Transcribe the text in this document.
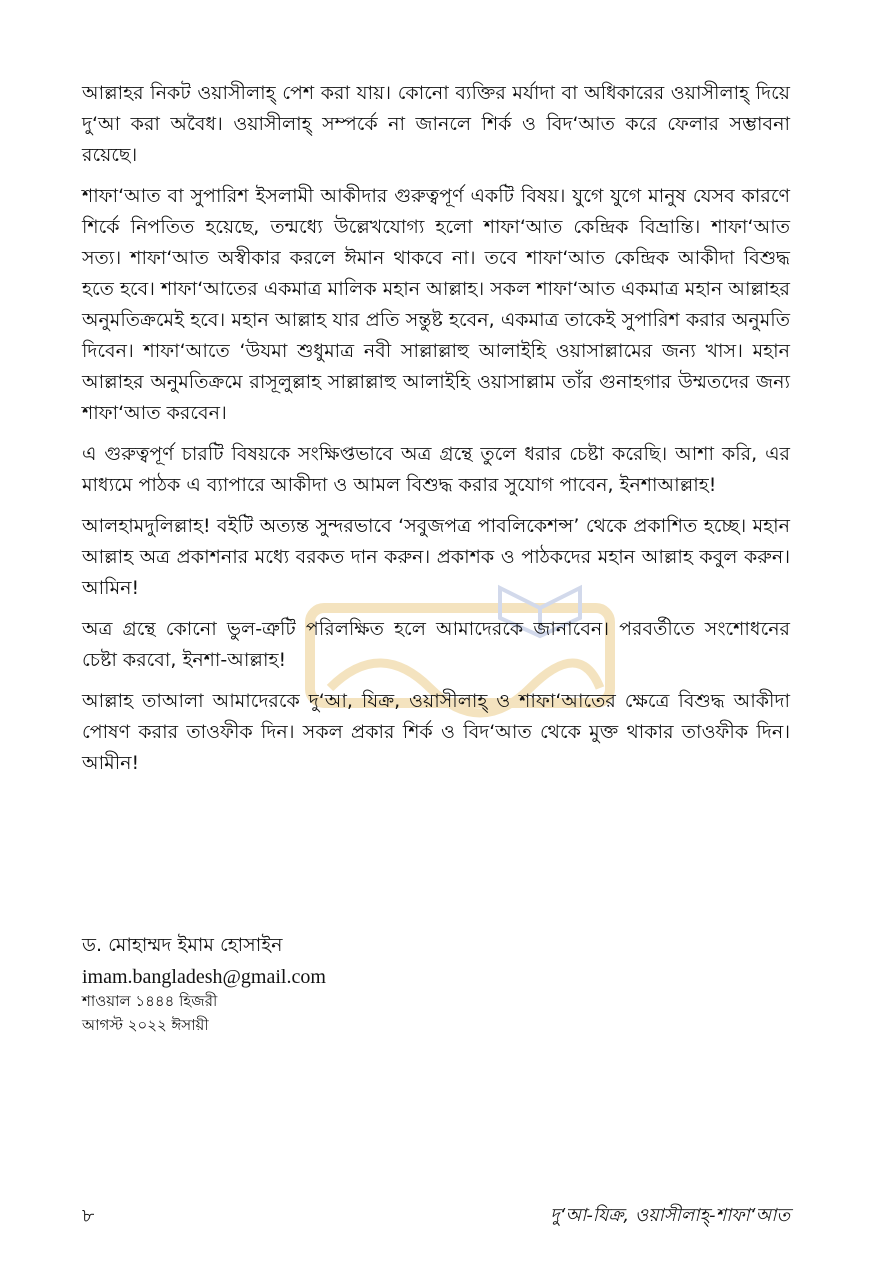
আল্লাহর নিকট ওয়াসীলাহ্ পেশ করা যায়। কোনো ব্যক্তির মর্যাদা বা অধিকারের ওয়াসীলাহ্ দিয়ে দু‘আ করা অবৈধ। ওয়াসীলাহ্ সম্পর্কে না জানলে শির্ক ও বিদ‘আত করে ফেলার সম্ভাবনা রয়েছে।

শাফা‘আত বা সুপারিশ ইসলামী আকীদার গুরুত্বপূর্ণ একটি বিষয়। যুগে যুগে মানুষ যেসব কারণে শির্কে নিপতিত হয়েছে, তন্মধ্যে উল্লেখযোগ্য হলো শাফা‘আত কেন্দ্রিক বিভ্রান্তি। শাফা‘আত সত্য। শাফা‘আত অস্বীকার করলে ঈমান থাকবে না। তবে শাফা‘আত কেন্দ্রিক আকীদা বিশুদ্ধ হতে হবে। শাফা‘আতের একমাত্র মালিক মহান আল্লাহ। সকল শাফা‘আত একমাত্র মহান আল্লাহর অনুমতিক্রমেই হবে। মহান আল্লাহ যার প্রতি সন্তুষ্ট হবেন, একমাত্র তাকেই সুপারিশ করার অনুমতি দিবেন। শাফা‘আতে ‘উযমা শুধুমাত্র নবী সাল্লাল্লাহু আলাইহি ওয়াসাল্লামের জন্য খাস। মহান আল্লাহর অনুমতিক্রমে রাসূলুল্লাহ সাল্লাল্লাহু আলাইহি ওয়াসাল্লাম তাঁর গুনাহগার উম্মতদের জন্য শাফা‘আত করবেন।

এ গুরুত্বপূর্ণ চারটি বিষয়কে সংক্ষিপ্তভাবে অত্র গ্রন্থে তুলে ধরার চেষ্টা করেছি। আশা করি, এর মাধ্যমে পাঠক এ ব্যাপারে আকীদা ও আমল বিশুদ্ধ করার সুযোগ পাবেন, ইনশাআল্লাহ!

আলহামদুলিল্লাহ! বইটি অত্যন্ত সুন্দরভাবে ‘সবুজপত্র পাবলিকেশন্স’ থেকে প্রকাশিত হচ্ছে। মহান আল্লাহ অত্র প্রকাশনার মধ্যে বরকত দান করুন। প্রকাশক ও পাঠকদের মহান আল্লাহ কবুল করুন। আমিন!

অত্র গ্রন্থে কোনো ভুল-ত্রুটি পরিলক্ষিত হলে আমাদেরকে জানাবেন। পরবর্তীতে সংশোধনের চেষ্টা করবো, ইনশা-আল্লাহ!

আল্লাহ তাআলা আমাদেরকে দু‘আ, যিক্র, ওয়াসীলাহ্ ও শাফা‘আতের ক্ষেত্রে বিশুদ্ধ আকীদা পোষণ করার তাওফীক দিন। সকল প্রকার শির্ক ও বিদ‘আত থেকে মুক্ত থাকার তাওফীক দিন। আমীন!

ড. মোহাম্মদ ইমাম হোসাইন

imam.bangladesh@gmail.com

শাওয়াল ১৪৪৪ হিজরী

আগস্ট ২০২২ ঈসায়ী

৮	দু‘আ-যিক্র, ওয়াসীলাহ্-শাফা‘আত
